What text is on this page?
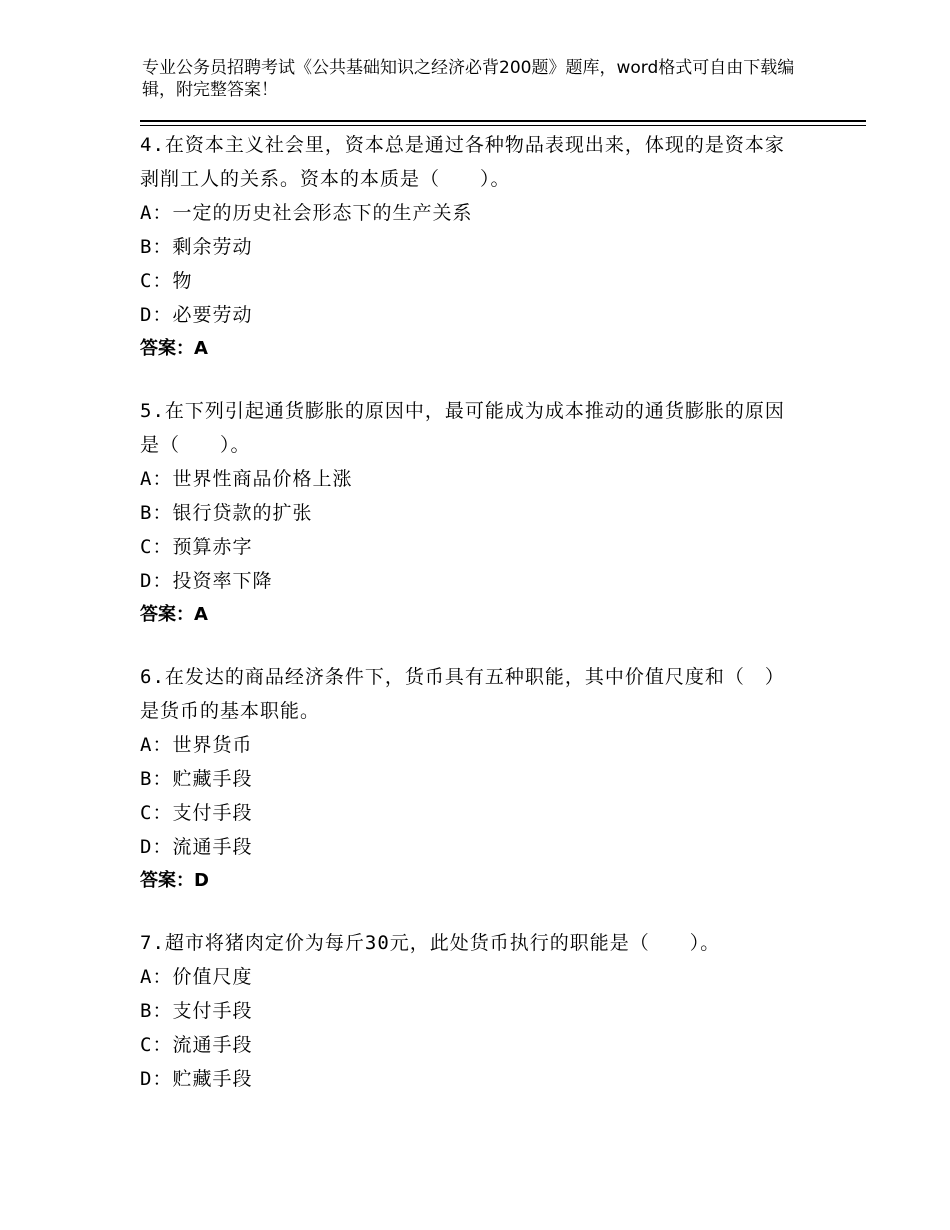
专业公务员招聘考试《公共基础知识之经济必背200题》题库，word格式可自由下载编辑，附完整答案！

4.在资本主义社会里，资本总是通过各种物品表现出来，体现的是资本家剥削工人的关系。资本的本质是（　　）。

A：一定的历史社会形态下的生产关系

B：剩余劳动

C：物

D：必要劳动

答案：A

5.在下列引起通货膨胀的原因中，最可能成为成本推动的通货膨胀的原因是（　　）。

A：世界性商品价格上涨

B：银行贷款的扩张

C：预算赤字

D：投资率下降

答案：A

6.在发达的商品经济条件下，货币具有五种职能，其中价值尺度和（　）是货币的基本职能。

A：世界货币

B：贮藏手段

C：支付手段

D：流通手段

答案：D

7.超市将猪肉定价为每斤30元，此处货币执行的职能是（　　）。

A：价值尺度

B：支付手段

C：流通手段

D：贮藏手段
